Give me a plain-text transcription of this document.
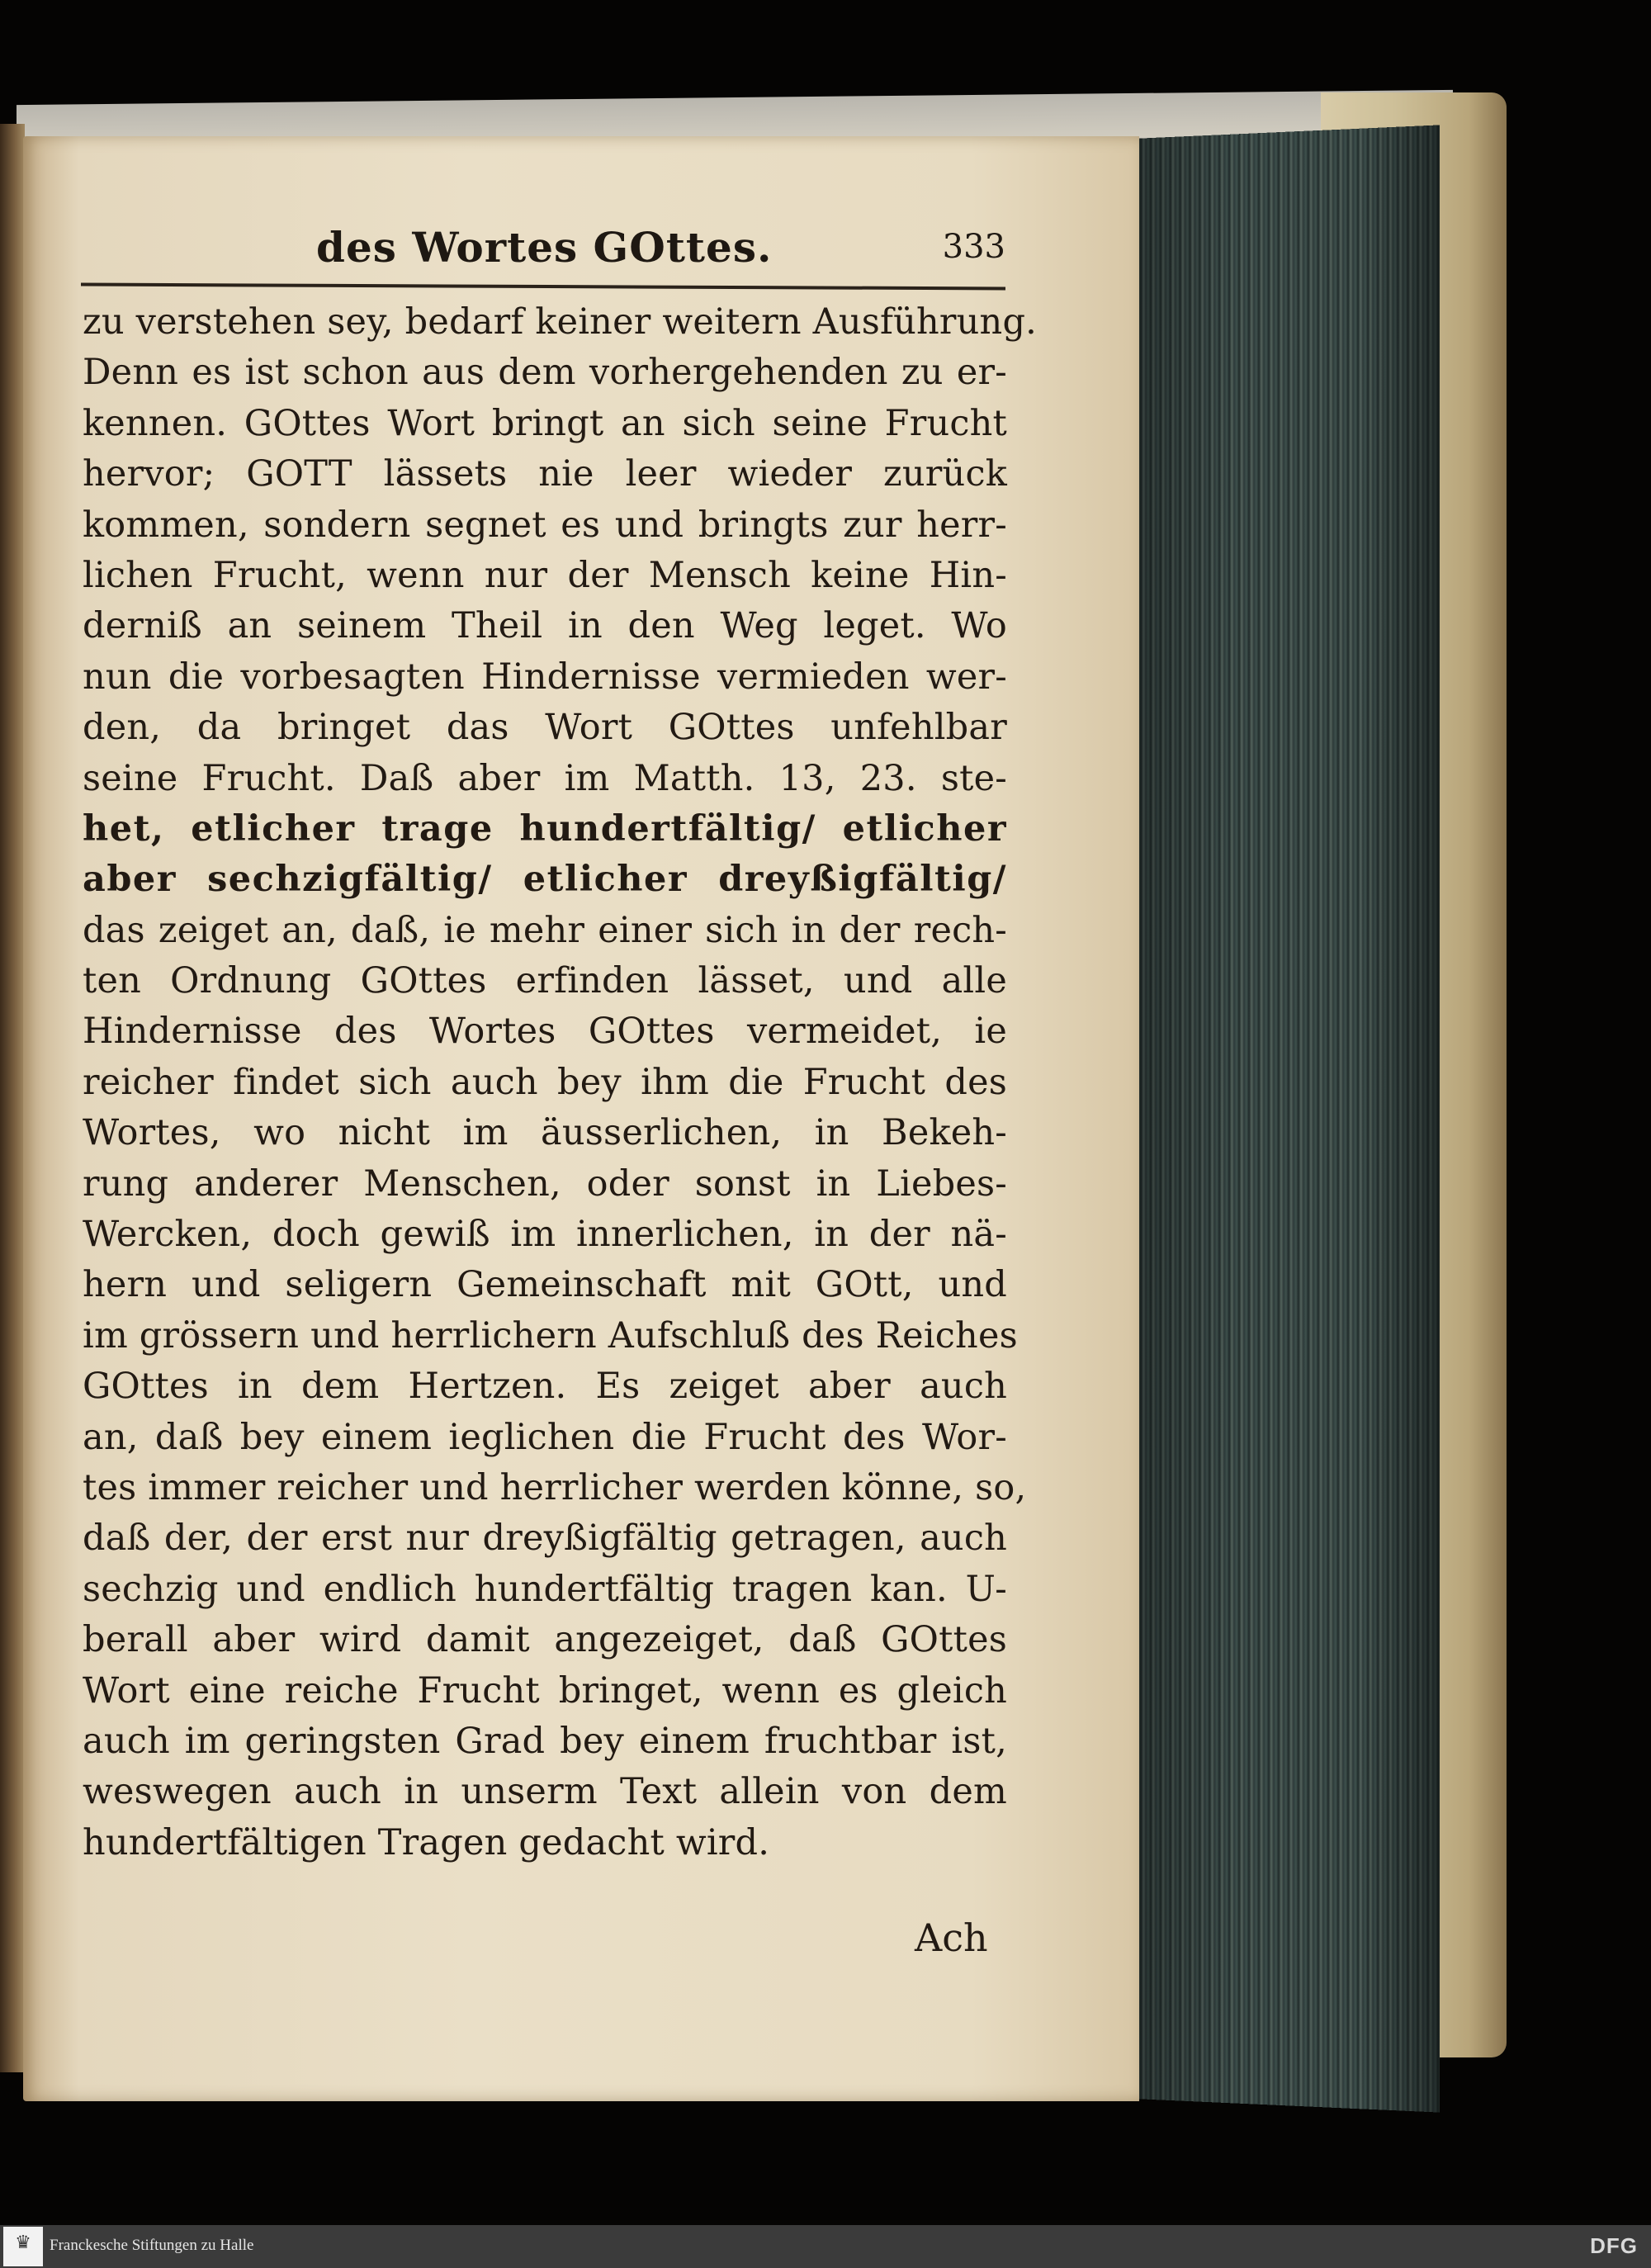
des Wortes GOttes.	333
zu verstehen sey, bedarf keiner weitern Ausführung.
Denn es ist schon aus dem vorhergehenden zu er-
kennen. GOttes Wort bringt an sich seine Frucht
hervor; GOTT lässets nie leer wieder zurück
kommen, sondern segnet es und bringts zur herr-
lichen Frucht, wenn nur der Mensch keine Hin-
derniß an seinem Theil in den Weg leget. Wo
nun die vorbesagten Hindernisse vermieden wer-
den, da bringet das Wort GOttes unfehlbar
seine Frucht. Daß aber im Matth. 13, 23. ste-
het, etlicher trage hundertfältig/ etlicher
aber sechzigfältig/ etlicher dreyßigfältig/
das zeiget an, daß, ie mehr einer sich in der rech-
ten Ordnung GOttes erfinden lässet, und alle
Hindernisse des Wortes GOttes vermeidet, ie
reicher findet sich auch bey ihm die Frucht des
Wortes, wo nicht im äusserlichen, in Bekeh-
rung anderer Menschen, oder sonst in Liebes-
Wercken, doch gewiß im innerlichen, in der nä-
hern und seligern Gemeinschaft mit GOtt, und
im grössern und herrlichern Aufschluß des Reiches
GOttes in dem Hertzen. Es zeiget aber auch
an, daß bey einem ieglichen die Frucht des Wor-
tes immer reicher und herrlicher werden könne, so,
daß der, der erst nur dreyßigfältig getragen, auch
sechzig und endlich hundertfältig tragen kan. U-
berall aber wird damit angezeiget, daß GOttes
Wort eine reiche Frucht bringet, wenn es gleich
auch im geringsten Grad bey einem fruchtbar ist,
weswegen auch in unserm Text allein von dem
hundertfältigen Tragen gedacht wird.
Ach
♛	Franckesche Stiftungen zu Halle	DFG
